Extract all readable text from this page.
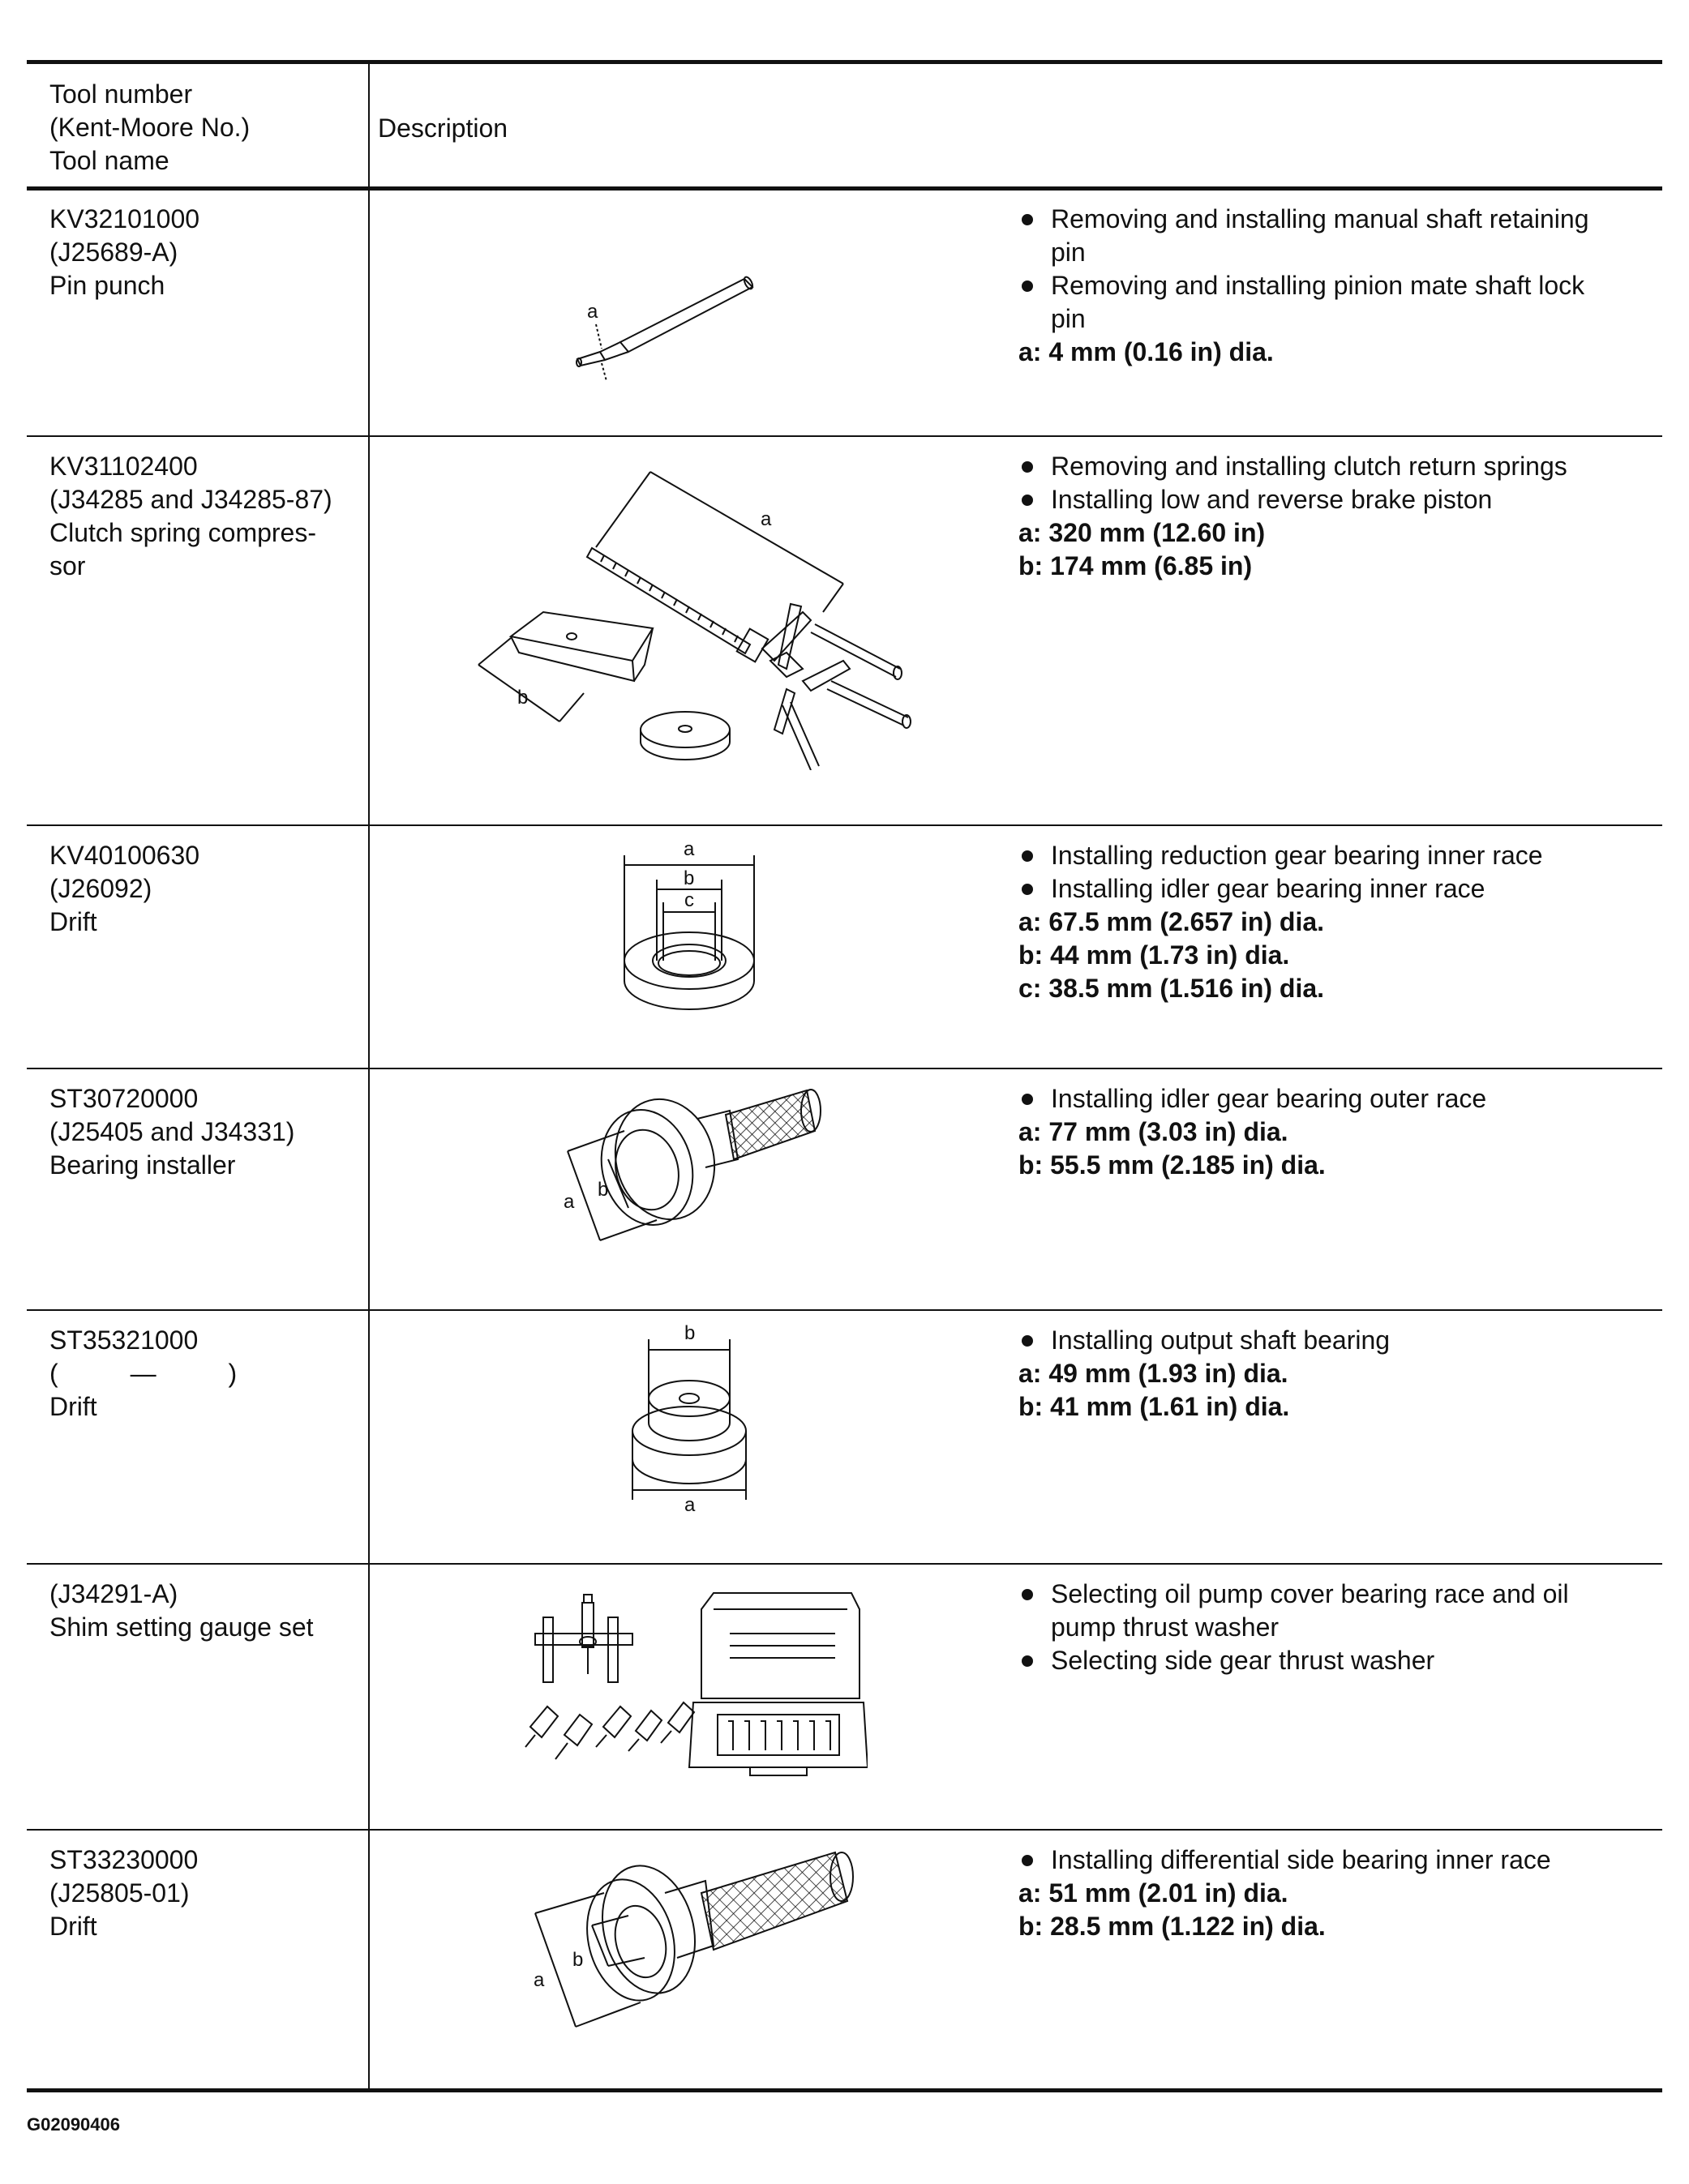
Tool number
(Kent-Moore No.)
Tool name
Description
KV32101000
(J25689-A)
Pin punch
a
Removing and installing manual shaft retaining
pin
Removing and installing pinion mate shaft lock
pin
a: 4 mm (0.16 in) dia.
KV31102400
(J34285 and J34285-87)
Clutch spring compres-
sor
a
b
Removing and installing clutch return springs
Installing low and reverse brake piston
a: 320 mm (12.60 in)
b: 174 mm (6.85 in)
KV40100630
(J26092)
Drift
a
b
c
Installing reduction gear bearing inner race
Installing idler gear bearing inner race
a: 67.5 mm (2.657 in) dia.
b: 44 mm (1.73 in) dia.
c: 38.5 mm (1.516 in) dia.
ST30720000
(J25405 and J34331)
Bearing installer
a
b
Installing idler gear bearing outer race
a: 77 mm (3.03 in) dia.
b: 55.5 mm (2.185 in) dia.
ST35321000
(          —          )
Drift
b
a
Installing output shaft bearing
a: 49 mm (1.93 in) dia.
b: 41 mm (1.61 in) dia.
(J34291-A)
Shim setting gauge set
Selecting oil pump cover bearing race and oil
pump thrust washer
Selecting side gear thrust washer
ST33230000
(J25805-01)
Drift
a
b
Installing differential side bearing inner race
a: 51 mm (2.01 in) dia.
b: 28.5 mm (1.122 in) dia.
G02090406
